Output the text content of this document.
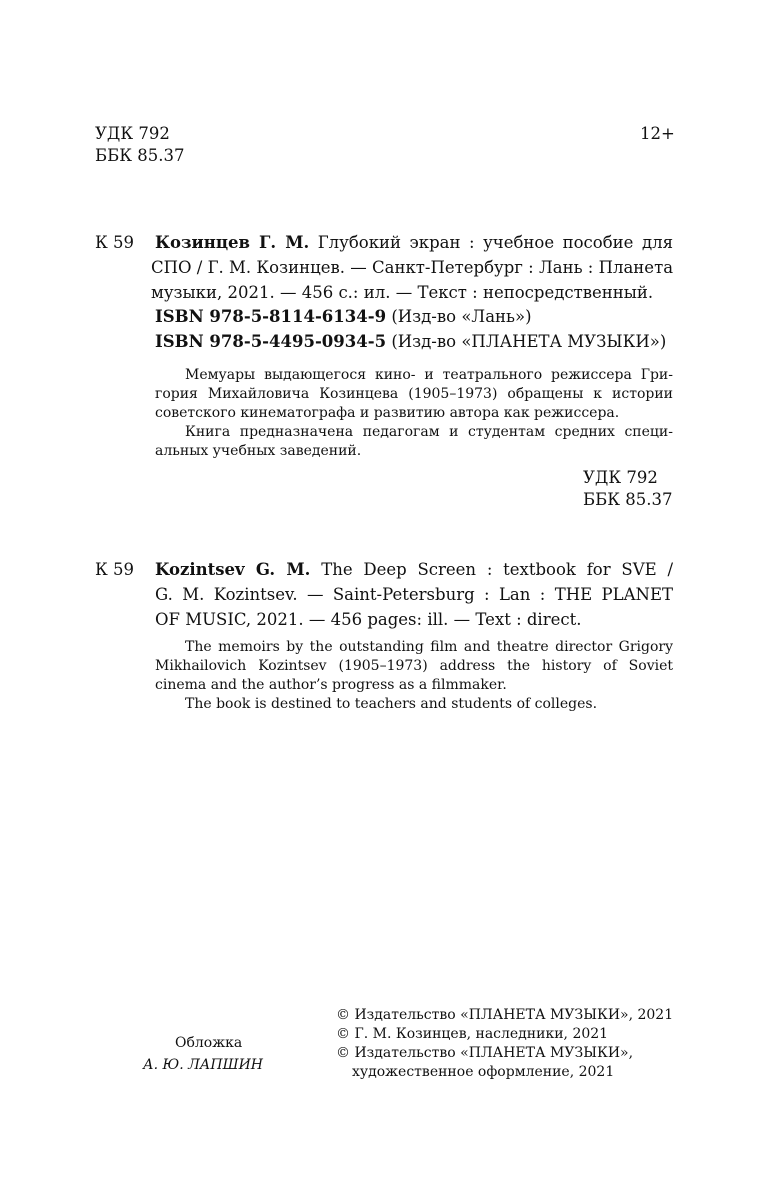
УДК 792
ББК 85.37
12+
К 59 Козинцев Г. М. Глубокий экран : учебное пособие для
СПО / Г. М. Козинцев. — Санкт-Петербург : Лань : Планета
музыки, 2021. — 456 с.: ил. — Текст : непосредственный.
ISBN 978-5-8114-6134-9 (Изд-во «Лань»)
ISBN 978-5-4495-0934-5 (Изд-во «ПЛАНЕТА МУЗЫКИ»)
Мемуары выдающегося кино- и театрального режиссера Гри-
гория Михайловича Козинцева (1905–1973) обращены к истории
советского кинематографа и развитию автора как режиссера.
Книга предназначена педагогам и студентам средних специ-
альных учебных заведений.
УДК 792
ББК 85.37
К 59 Kozintsev G. M. The Deep Screen : textbook for SVE /
G. M. Kozintsev. — Saint-Petersburg : Lan : THE PLANET
OF MUSIC, 2021. — 456 pages: ill. — Text : direct.
The memoirs by the outstanding film and theatre director Grigory
Mikhailovich Kozintsev (1905–1973) address the history of Soviet
cinema and the author’s progress as a filmmaker.
The book is destined to teachers and students of colleges.
Обложка
А. Ю. ЛАПШИН
© Издательство «ПЛАНЕТА МУЗЫКИ», 2021
© Г. М. Козинцев, наследники, 2021
© Издательство «ПЛАНЕТА МУЗЫКИ»,
художественное оформление, 2021
